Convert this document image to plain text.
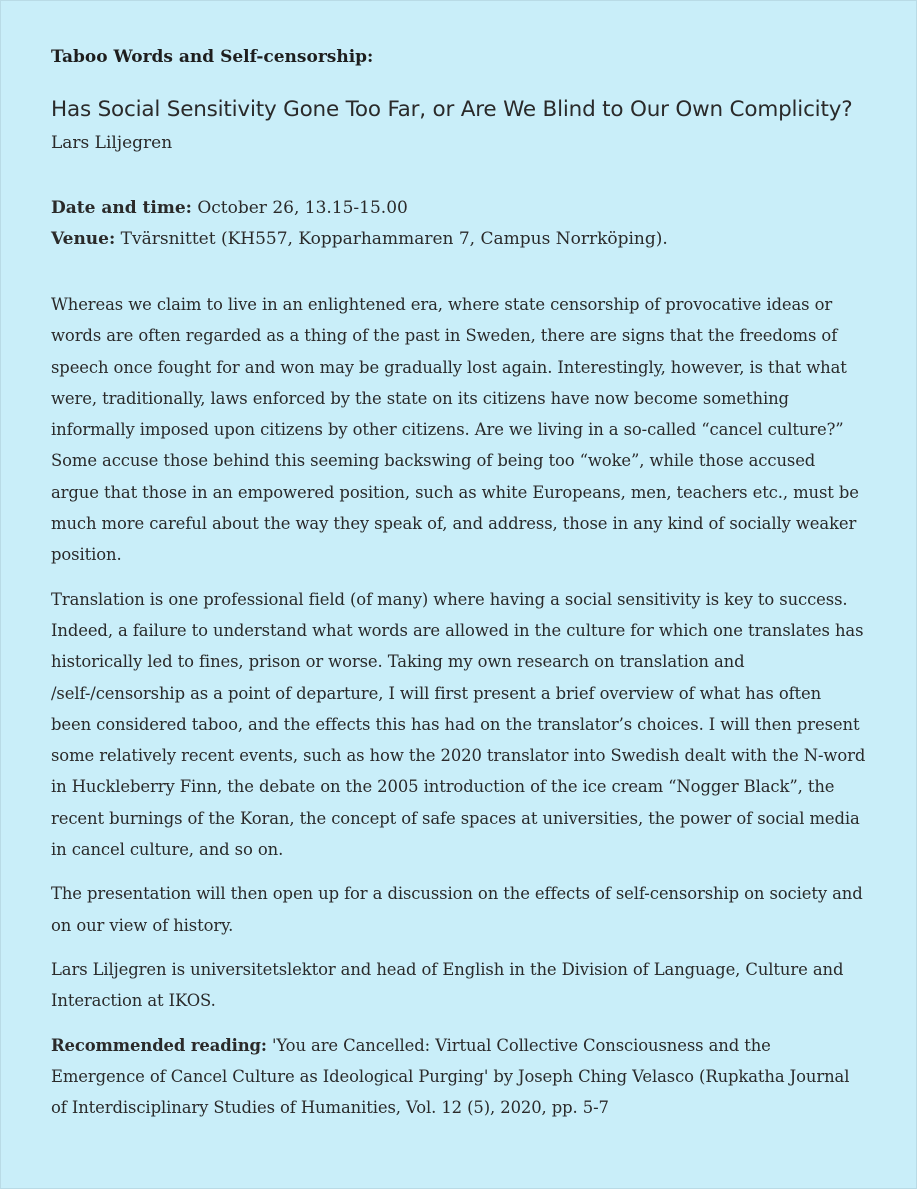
Taboo Words and Self-censorship:
Has Social Sensitivity Gone Too Far, or Are We Blind to Our Own Complicity?

Lars Liljegren

Date and time: October 26, 13.15-15.00
Venue: Tvärsnittet (KH557, Kopparhammaren 7, Campus Norrköping).

Whereas we claim to live in an enlightened era, where state censorship of provocative ideas or words are often regarded as a thing of the past in Sweden, there are signs that the freedoms of speech once fought for and won may be gradually lost again. Interestingly, however, is that what were, traditionally, laws enforced by the state on its citizens have now become something informally imposed upon citizens by other citizens. Are we living in a so-called “cancel culture?” Some accuse those behind this seeming backswing of being too “woke”, while those accused argue that those in an empowered position, such as white Europeans, men, teachers etc., must be much more careful about the way they speak of, and address, those in any kind of socially weaker position.

Translation is one professional field (of many) where having a social sensitivity is key to success. Indeed, a failure to understand what words are allowed in the culture for which one translates has historically led to fines, prison or worse. Taking my own research on translation and /self-/censorship as a point of departure, I will first present a brief overview of what has often been considered taboo, and the effects this has had on the translator’s choices. I will then present some relatively recent events, such as how the 2020 translator into Swedish dealt with the N-word in Huckleberry Finn, the debate on the 2005 introduction of the ice cream “Nogger Black”, the recent burnings of the Koran, the concept of safe spaces at universities, the power of social media in cancel culture, and so on.

The presentation will then open up for a discussion on the effects of self-censorship on society and on our view of history.

Lars Liljegren is universitetslektor and head of English in the Division of Language, Culture and Interaction at IKOS.

Recommended reading: 'You are Cancelled: Virtual Collective Consciousness and the Emergence of Cancel Culture as Ideological Purging' by Joseph Ching Velasco (Rupkatha Journal of Interdisciplinary Studies of Humanities, Vol. 12 (5), 2020, pp. 5-7
